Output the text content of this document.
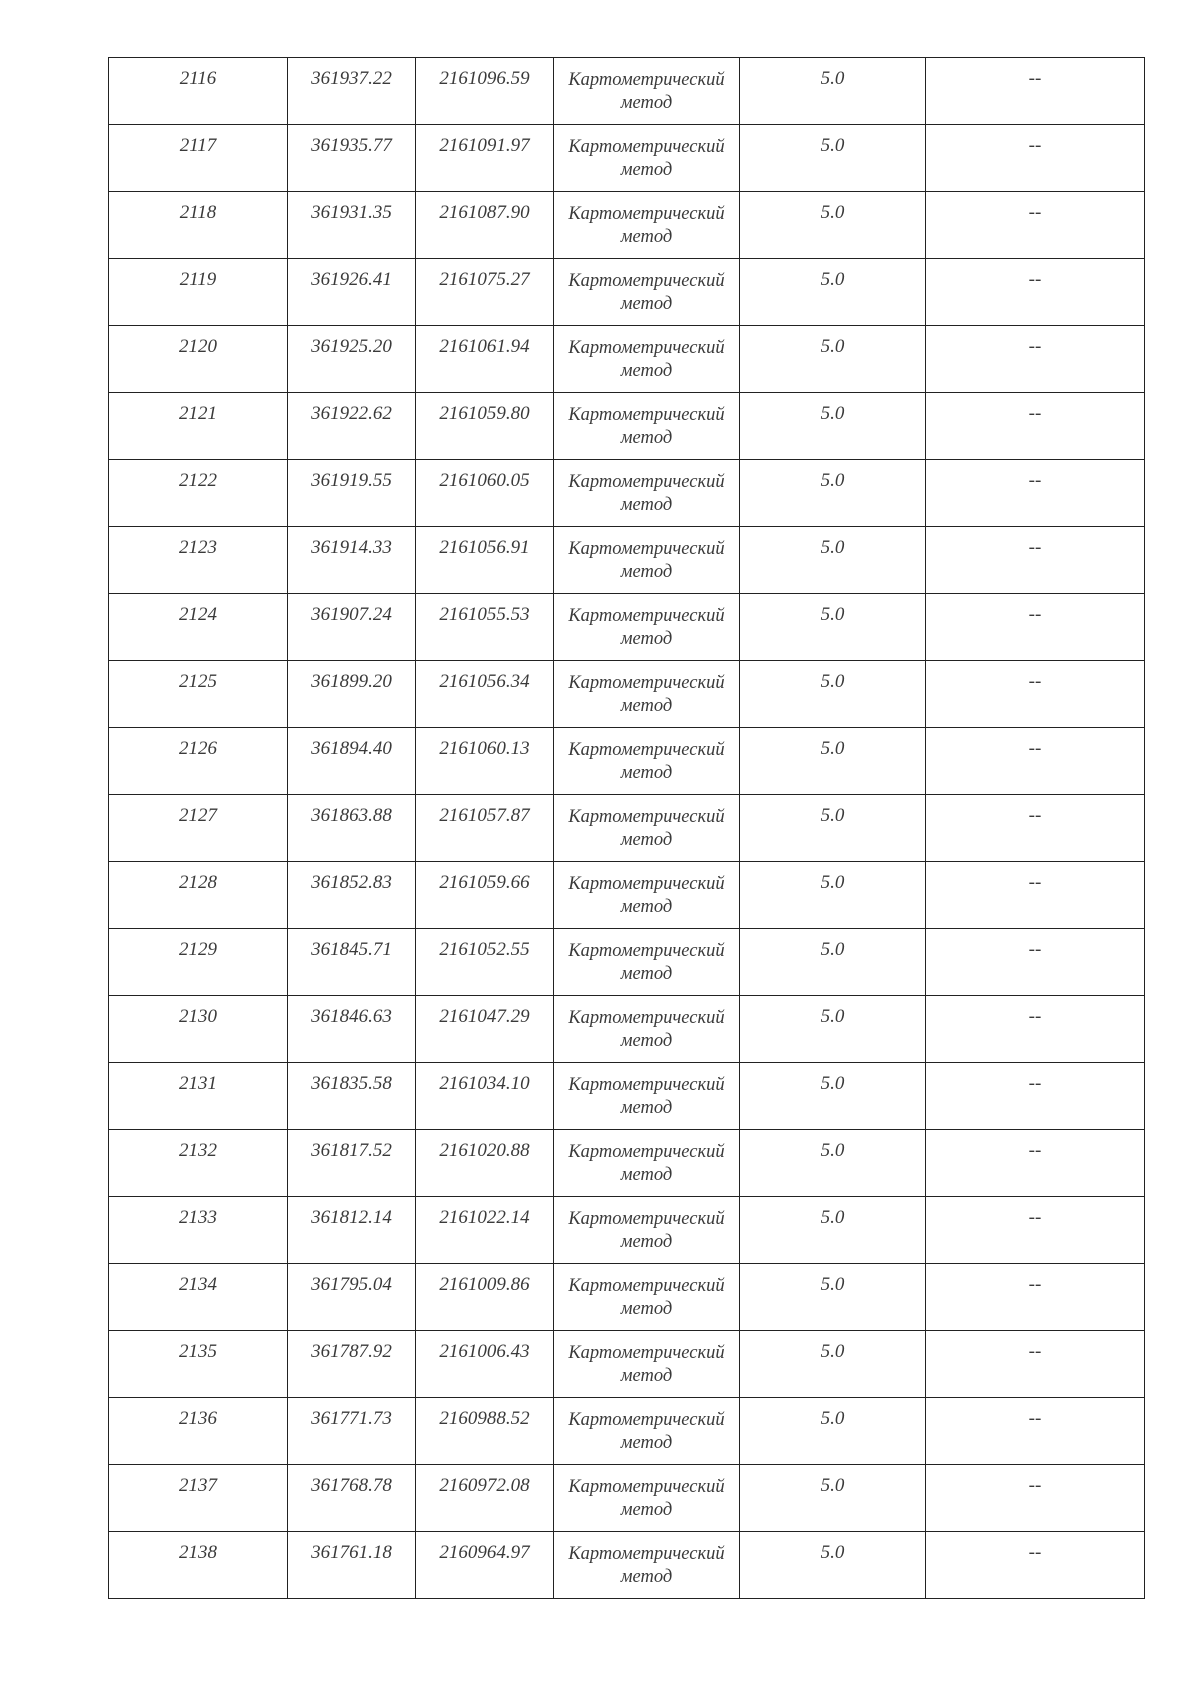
2116	361937.22	2161096.59	Картометрический
метод	5.0	--

2117	361935.77	2161091.97	Картометрический
метод	5.0	--

2118	361931.35	2161087.90	Картометрический
метод	5.0	--

2119	361926.41	2161075.27	Картометрический
метод	5.0	--

2120	361925.20	2161061.94	Картометрический
метод	5.0	--

2121	361922.62	2161059.80	Картометрический
метод	5.0	--

2122	361919.55	2161060.05	Картометрический
метод	5.0	--

2123	361914.33	2161056.91	Картометрический
метод	5.0	--

2124	361907.24	2161055.53	Картометрический
метод	5.0	--

2125	361899.20	2161056.34	Картометрический
метод	5.0	--

2126	361894.40	2161060.13	Картометрический
метод	5.0	--

2127	361863.88	2161057.87	Картометрический
метод	5.0	--

2128	361852.83	2161059.66	Картометрический
метод	5.0	--

2129	361845.71	2161052.55	Картометрический
метод	5.0	--

2130	361846.63	2161047.29	Картометрический
метод	5.0	--

2131	361835.58	2161034.10	Картометрический
метод	5.0	--

2132	361817.52	2161020.88	Картометрический
метод	5.0	--

2133	361812.14	2161022.14	Картометрический
метод	5.0	--

2134	361795.04	2161009.86	Картометрический
метод	5.0	--

2135	361787.92	2161006.43	Картометрический
метод	5.0	--

2136	361771.73	2160988.52	Картометрический
метод	5.0	--

2137	361768.78	2160972.08	Картометрический
метод	5.0	--

2138	361761.18	2160964.97	Картометрический
метод	5.0	--
